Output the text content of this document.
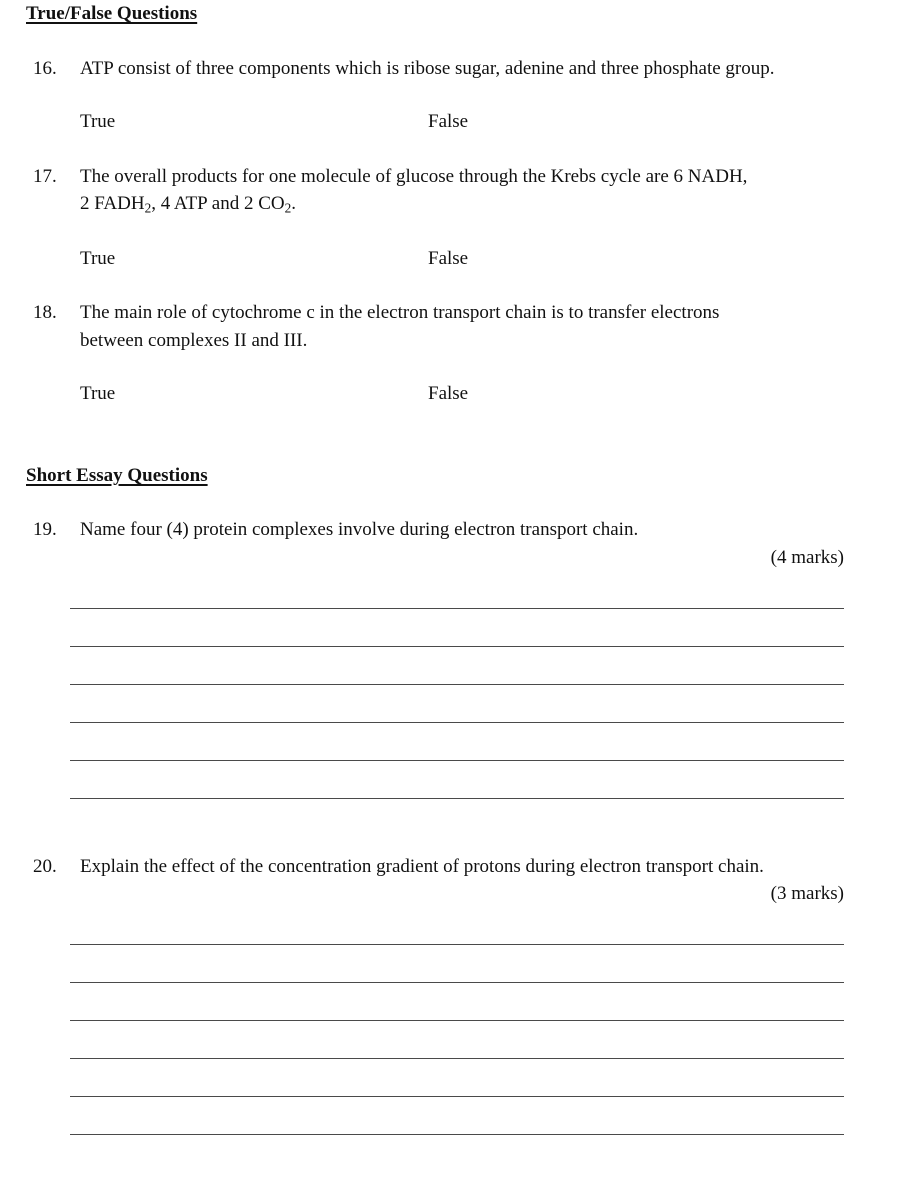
True/False Questions
16. ATP consist of three components which is ribose sugar, adenine and three phosphate group.
True	False
17. The overall products for one molecule of glucose through the Krebs cycle are 6 NADH,
2 $FADH_2$, 4 ATP and 2 $CO_2$.
True	False
18. The main role of cytochrome c in the electron transport chain is to transfer electrons
between complexes II and III.
True	False
Short Essay Questions
19. Name four (4) protein complexes involve during electron transport chain.
(4 marks)
20. Explain the effect of the concentration gradient of protons during electron transport chain.
(3 marks)
